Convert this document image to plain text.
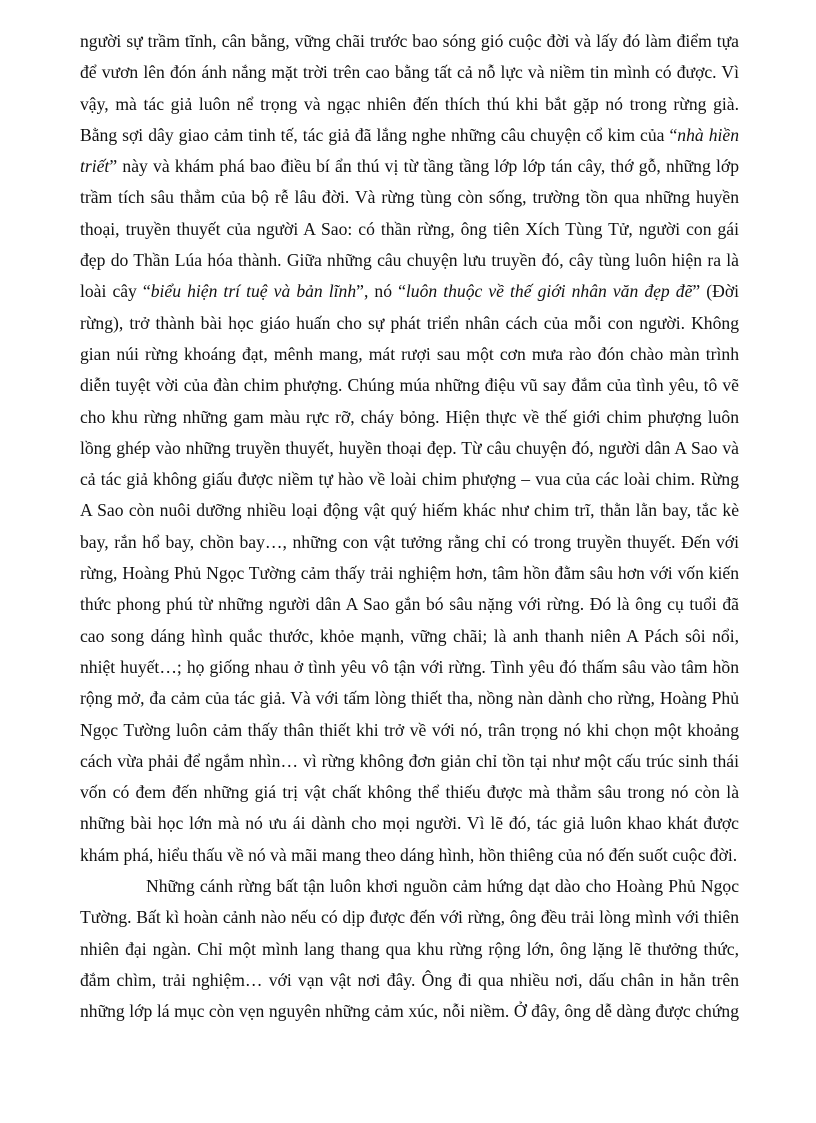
người sự trầm tĩnh, cân bằng, vững chãi trước bao sóng gió cuộc đời và lấy đó làm điểm tựa
để vươn lên đón ánh nắng mặt trời trên cao bằng tất cả nỗ lực và niềm tin mình có được. Vì
vậy, mà tác giả luôn nể trọng và ngạc nhiên đến thích thú khi bắt gặp nó trong rừng già.
Bằng sợi dây giao cảm tinh tế, tác giả đã lắng nghe những câu chuyện cổ kim của “nhà hiền
triết” này và khám phá bao điều bí ẩn thú vị từ tầng tầng lớp lớp tán cây, thớ gỗ, những lớp
trầm tích sâu thẳm của bộ rễ lâu đời. Và rừng tùng còn sống, trường tồn qua những huyền
thoại, truyền thuyết của người A Sao: có thần rừng, ông tiên Xích Tùng Tử, người con gái
đẹp do Thần Lúa hóa thành. Giữa những câu chuyện lưu truyền đó, cây tùng luôn hiện ra là
loài cây “biểu hiện trí tuệ và bản lĩnh”, nó “luôn thuộc về thế giới nhân văn đẹp đẽ” (Đời
rừng), trở thành bài học giáo huấn cho sự phát triển nhân cách của mỗi con người. Không
gian núi rừng khoáng đạt, mênh mang, mát rượi sau một cơn mưa rào đón chào màn trình
diễn tuyệt vời của đàn chim phượng. Chúng múa những điệu vũ say đắm của tình yêu, tô vẽ
cho khu rừng những gam màu rực rỡ, cháy bỏng. Hiện thực về thế giới chim phượng luôn
lồng ghép vào những truyền thuyết, huyền thoại đẹp. Từ câu chuyện đó, người dân A Sao và
cả tác giả không giấu được niềm tự hào về loài chim phượng – vua của các loài chim. Rừng
A Sao còn nuôi dưỡng nhiều loại động vật quý hiếm khác như chim trĩ, thằn lằn bay, tắc kè
bay, rắn hổ bay, chồn bay…, những con vật tưởng rằng chỉ có trong truyền thuyết. Đến với
rừng, Hoàng Phủ Ngọc Tường cảm thấy trải nghiệm hơn, tâm hồn đằm sâu hơn với vốn kiến
thức phong phú từ những người dân A Sao gắn bó sâu nặng với rừng. Đó là ông cụ tuổi đã
cao song dáng hình quắc thước, khỏe mạnh, vững chãi; là anh thanh niên A Pách sôi nổi,
nhiệt huyết…; họ giống nhau ở tình yêu vô tận với rừng. Tình yêu đó thấm sâu vào tâm hồn
rộng mở, đa cảm của tác giả. Và với tấm lòng thiết tha, nồng nàn dành cho rừng, Hoàng Phủ
Ngọc Tường luôn cảm thấy thân thiết khi trở về với nó, trân trọng nó khi chọn một khoảng
cách vừa phải để ngắm nhìn… vì rừng không đơn giản chỉ tồn tại như một cấu trúc sinh thái
vốn có đem đến những giá trị vật chất không thể thiếu được mà thẳm sâu trong nó còn là
những bài học lớn mà nó ưu ái dành cho mọi người. Vì lẽ đó, tác giả luôn khao khát được
khám phá, hiểu thấu về nó và mãi mang theo dáng hình, hồn thiêng của nó đến suốt cuộc đời.
Những cánh rừng bất tận luôn khơi nguồn cảm hứng dạt dào cho Hoàng Phủ Ngọc
Tường. Bất kì hoàn cảnh nào nếu có dịp được đến với rừng, ông đều trải lòng mình với thiên
nhiên đại ngàn. Chỉ một mình lang thang qua khu rừng rộng lớn, ông lặng lẽ thưởng thức,
đắm chìm, trải nghiệm… với vạn vật nơi đây. Ông đi qua nhiều nơi, dấu chân in hằn trên
những lớp lá mục còn vẹn nguyên những cảm xúc, nỗi niềm. Ở đây, ông dễ dàng được chứng
